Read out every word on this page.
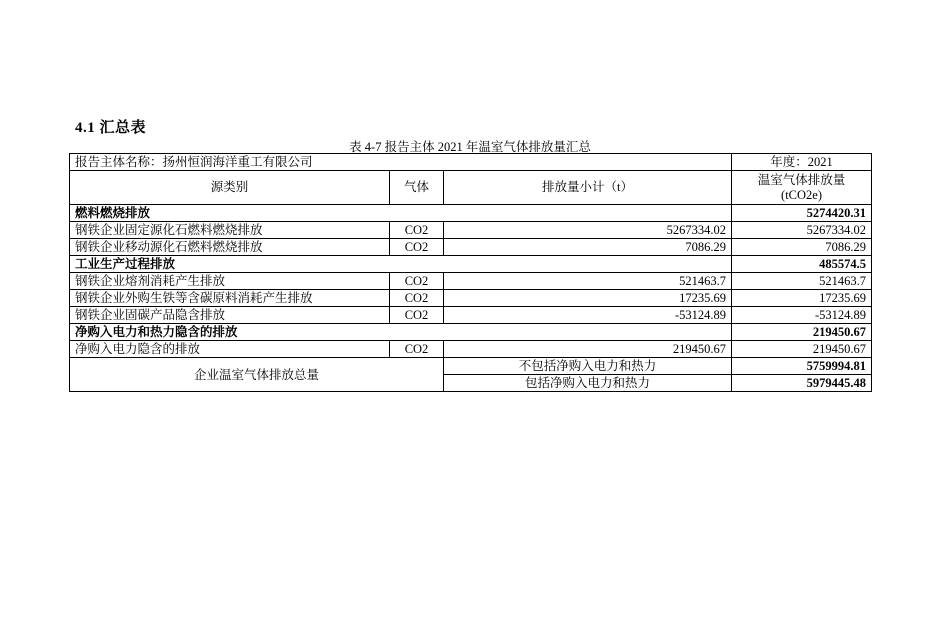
4.1 汇总表
表 4-7 报告主体 2021 年温室气体排放量汇总
报告主体名称：扬州恒润海洋重工有限公司			年度：2021
源类别	气体	排放量小计（t）	温室气体排放量
(tCO2e)

燃料燃烧排放			5274420.31
钢铁企业固定源化石燃料燃烧排放	CO2	5267334.02	5267334.02
钢铁企业移动源化石燃料燃烧排放	CO2	7086.29	7086.29
工业生产过程排放			485574.5
钢铁企业熔剂消耗产生排放	CO2	521463.7	521463.7
钢铁企业外购生铁等含碳原料消耗产生排放	CO2	17235.69	17235.69
钢铁企业固碳产品隐含排放	CO2	-53124.89	-53124.89
净购入电力和热力隐含的排放			219450.67
净购入电力隐含的排放	CO2	219450.67	219450.67
企业温室气体排放总量		不包括净购入电力和热力	5759994.81
		包括净购入电力和热力	5979445.48
